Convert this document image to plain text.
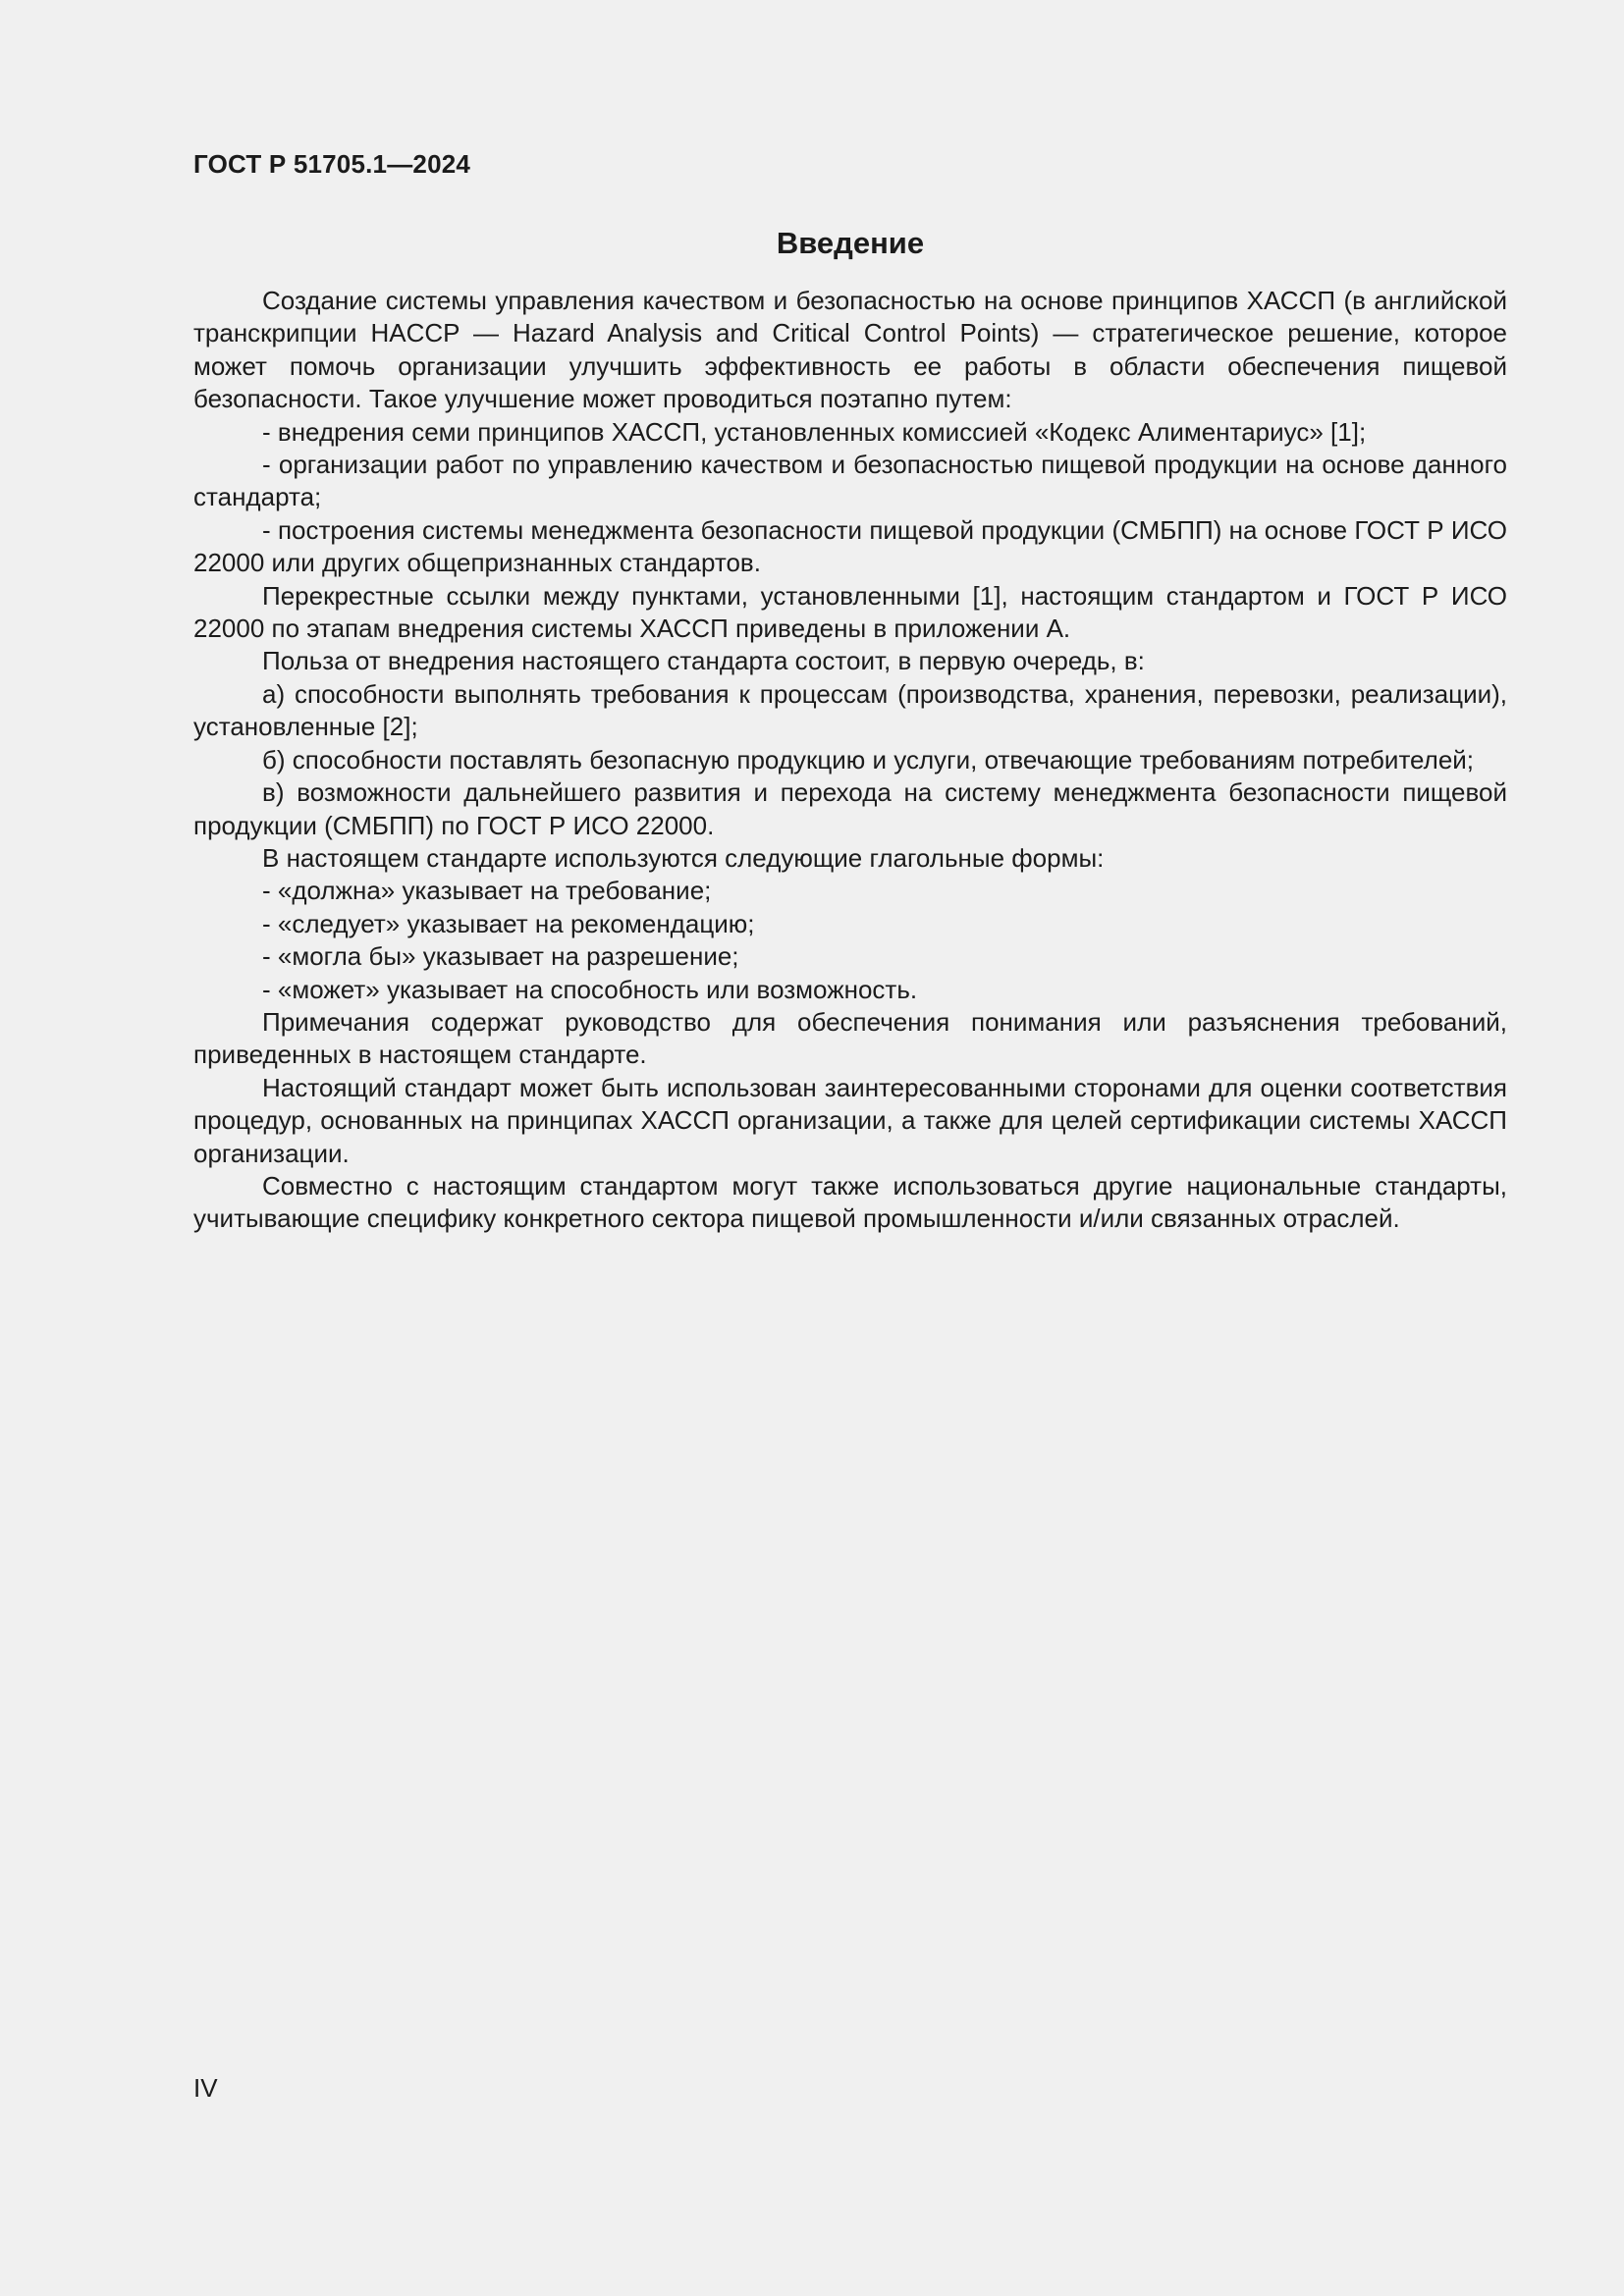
ГОСТ Р 51705.1—2024
Введение

Создание системы управления качеством и безопасностью на основе принципов ХАССП (в английской транскрипции HACCP — Hazard Analysis and Critical Control Points) — стратегическое решение, которое может помочь организации улучшить эффективность ее работы в области обеспечения пищевой безопасности. Такое улучшение может проводиться поэтапно путем:

- внедрения семи принципов ХАССП, установленных комиссией «Кодекс Алиментариус» [1];

- организации работ по управлению качеством и безопасностью пищевой продукции на основе данного стандарта;

- построения системы менеджмента безопасности пищевой продукции (СМБПП) на основе ГОСТ Р ИСО 22000 или других общепризнанных стандартов.

Перекрестные ссылки между пунктами, установленными [1], настоящим стандартом и ГОСТ Р ИСО 22000 по этапам внедрения системы ХАССП приведены в приложении А.

Польза от внедрения настоящего стандарта состоит, в первую очередь, в:

а) способности выполнять требования к процессам (производства, хранения, перевозки, реализации), установленные [2];

б) способности поставлять безопасную продукцию и услуги, отвечающие требованиям потребителей;

в) возможности дальнейшего развития и перехода на систему менеджмента безопасности пищевой продукции (СМБПП) по ГОСТ Р ИСО 22000.

В настоящем стандарте используются следующие глагольные формы:

- «должна» указывает на требование;

- «следует» указывает на рекомендацию;

- «могла бы» указывает на разрешение;

- «может» указывает на способность или возможность.

Примечания содержат руководство для обеспечения понимания или разъяснения требований, приведенных в настоящем стандарте.

Настоящий стандарт может быть использован заинтересованными сторонами для оценки соответствия процедур, основанных на принципах ХАССП организации, а также для целей сертификации системы ХАССП организации.

Совместно с настоящим стандартом могут также использоваться другие национальные стандарты, учитывающие специфику конкретного сектора пищевой промышленности и/или связанных отраслей.

IV
